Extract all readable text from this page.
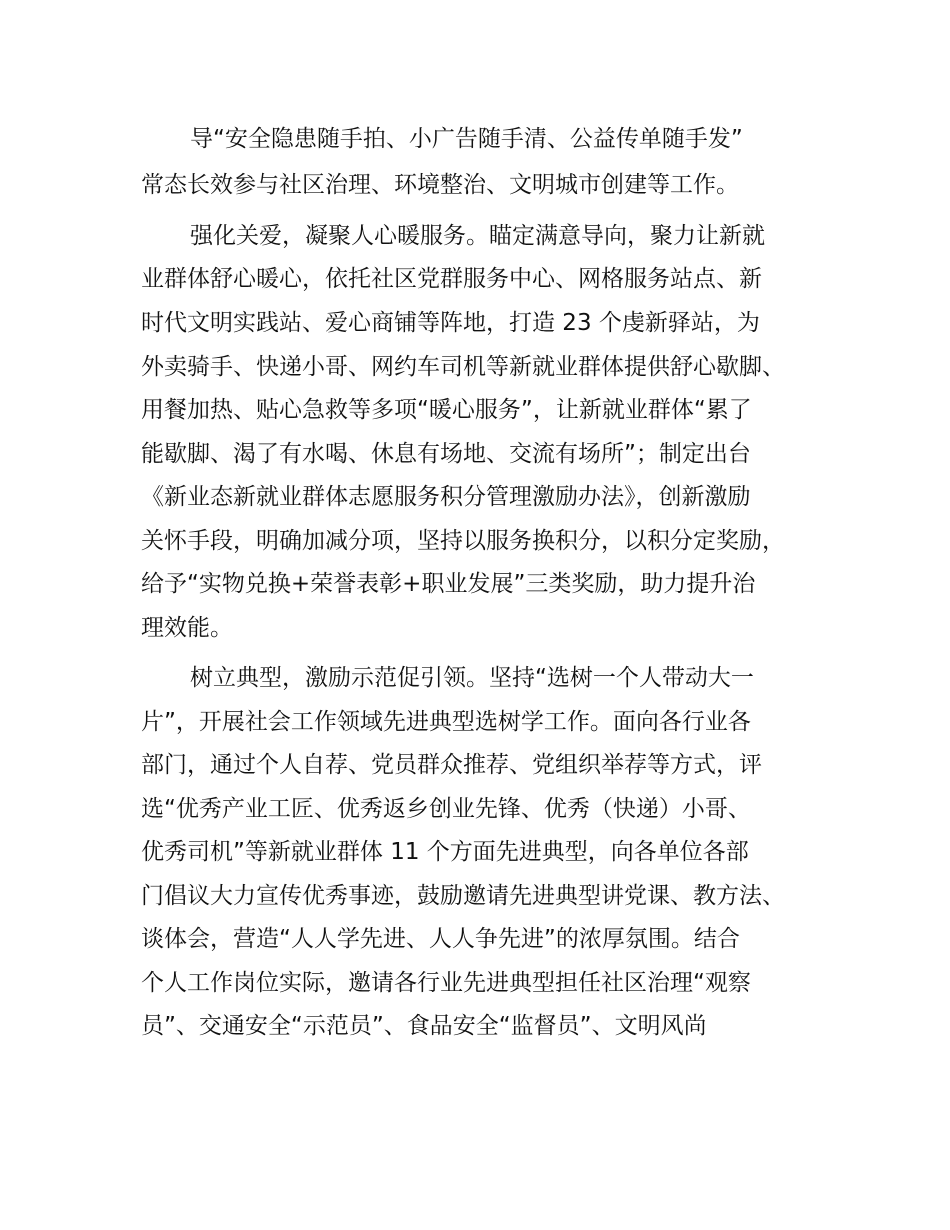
导“安全隐患随手拍、小广告随手清、公益传单随手发”
常态长效参与社区治理、环境整治、文明城市创建等工作。
强化关爱，凝聚人心暖服务。瞄定满意导向，聚力让新就
业群体舒心暖心，依托社区党群服务中心、网格服务站点、新
时代文明实践站、爱心商铺等阵地，打造 23 个虔新驿站，为
外卖骑手、快递小哥、网约车司机等新就业群体提供舒心歇脚、
用餐加热、贴心急救等多项“暖心服务”，让新就业群体“累了
能歇脚、渴了有水喝、休息有场地、交流有场所”；制定出台
《新业态新就业群体志愿服务积分管理激励办法》，创新激励
关怀手段，明确加减分项，坚持以服务换积分，以积分定奖励，
给予“实物兑换+荣誉表彰+职业发展”三类奖励，助力提升治
理效能。
树立典型，激励示范促引领。坚持“选树一个人带动大一
片”，开展社会工作领域先进典型选树学工作。面向各行业各
部门，通过个人自荐、党员群众推荐、党组织举荐等方式，评
选“优秀产业工匠、优秀返乡创业先锋、优秀（快递）小哥、
优秀司机”等新就业群体 11 个方面先进典型，向各单位各部
门倡议大力宣传优秀事迹，鼓励邀请先进典型讲党课、教方法、
谈体会，营造“人人学先进、人人争先进”的浓厚氛围。结合
个人工作岗位实际，邀请各行业先进典型担任社区治理“观察
员”、交通安全“示范员”、食品安全“监督员”、文明风尚
